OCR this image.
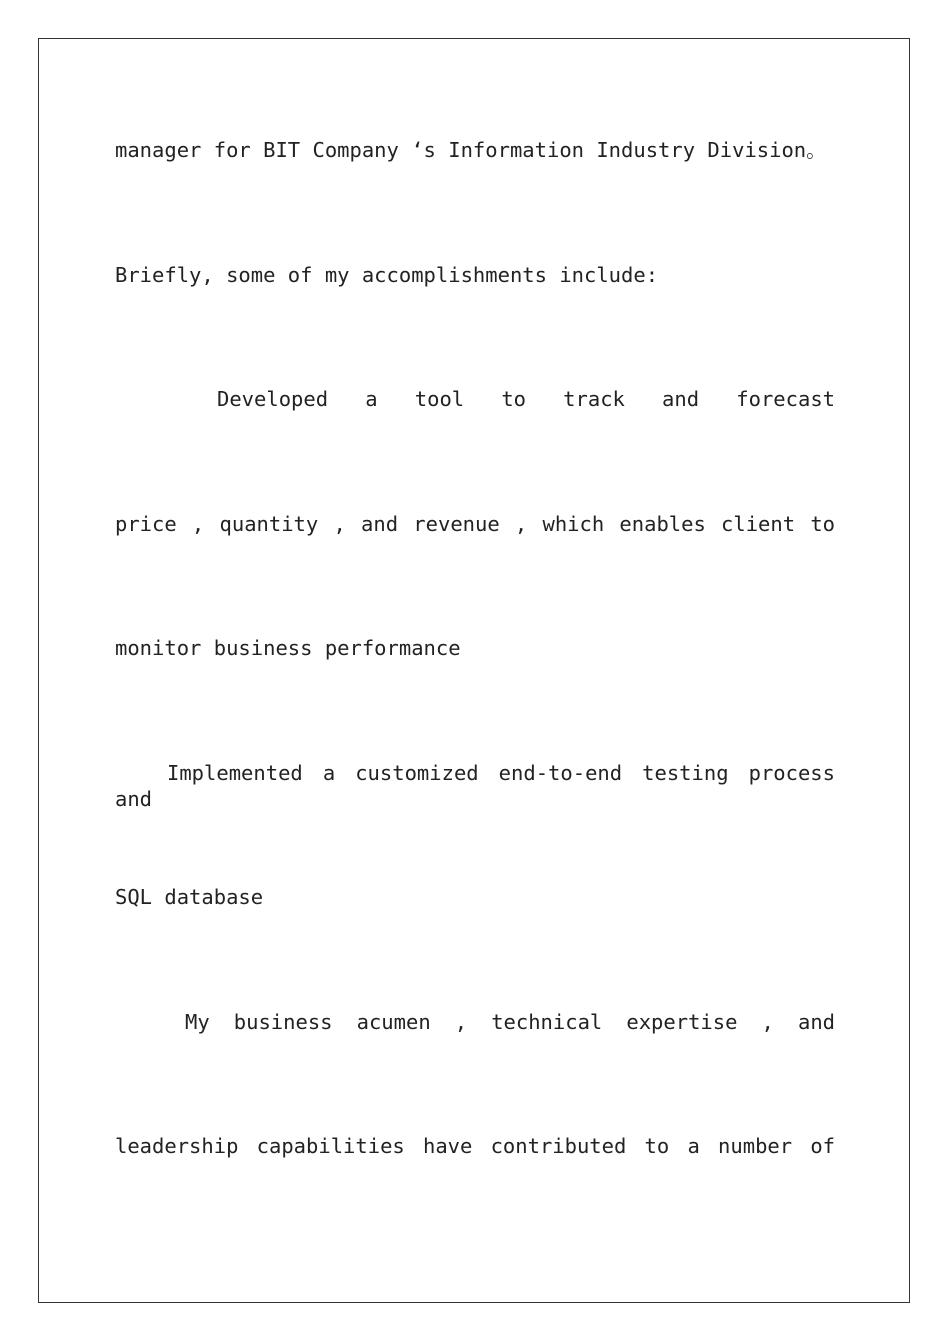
manager for BIT Company ‘s Information Industry Division。
Briefly, some of my accomplishments include:
Developed a tool to track and forecast
price , quantity , and revenue , which enables client to
monitor business performance
Implemented a customized end-to-end testing process and
SQL database
My business acumen , technical expertise , and
leadership capabilities have contributed to a number of
